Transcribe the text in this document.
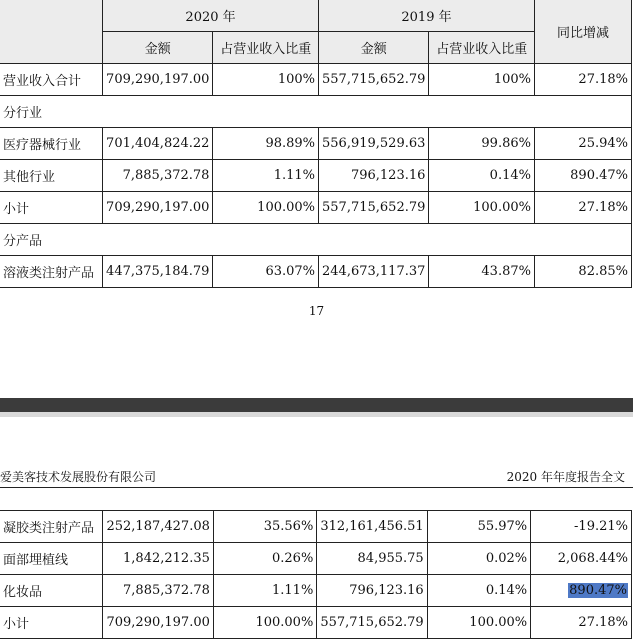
	2020 年		2019 年		同比增减
	金额	占营业收入比重	金额	占营业收入比重	
营业收入合计	709,290,197.00	100%	557,715,652.79	100%	27.18%
分行业					
医疗器械行业	701,404,824.22	98.89%	556,919,529.63	99.86%	25.94%
其他行业	7,885,372.78	1.11%	796,123.16	0.14%	890.47%
小计	709,290,197.00	100.00%	557,715,652.79	100.00%	27.18%
分产品					
溶液类注射产品	447,375,184.79	63.07%	244,673,117.37	43.87%	82.85%
17
爱美客技术发展股份有限公司	2020 年年度报告全文
凝胶类注射产品	252,187,427.08	35.56%	312,161,456.51	55.97%	-19.21%
面部埋植线	1,842,212.35	0.26%	84,955.75	0.02%	2,068.44%
化妆品	7,885,372.78	1.11%	796,123.16	0.14%	890.47%
小计	709,290,197.00	100.00%	557,715,652.79	100.00%	27.18%
